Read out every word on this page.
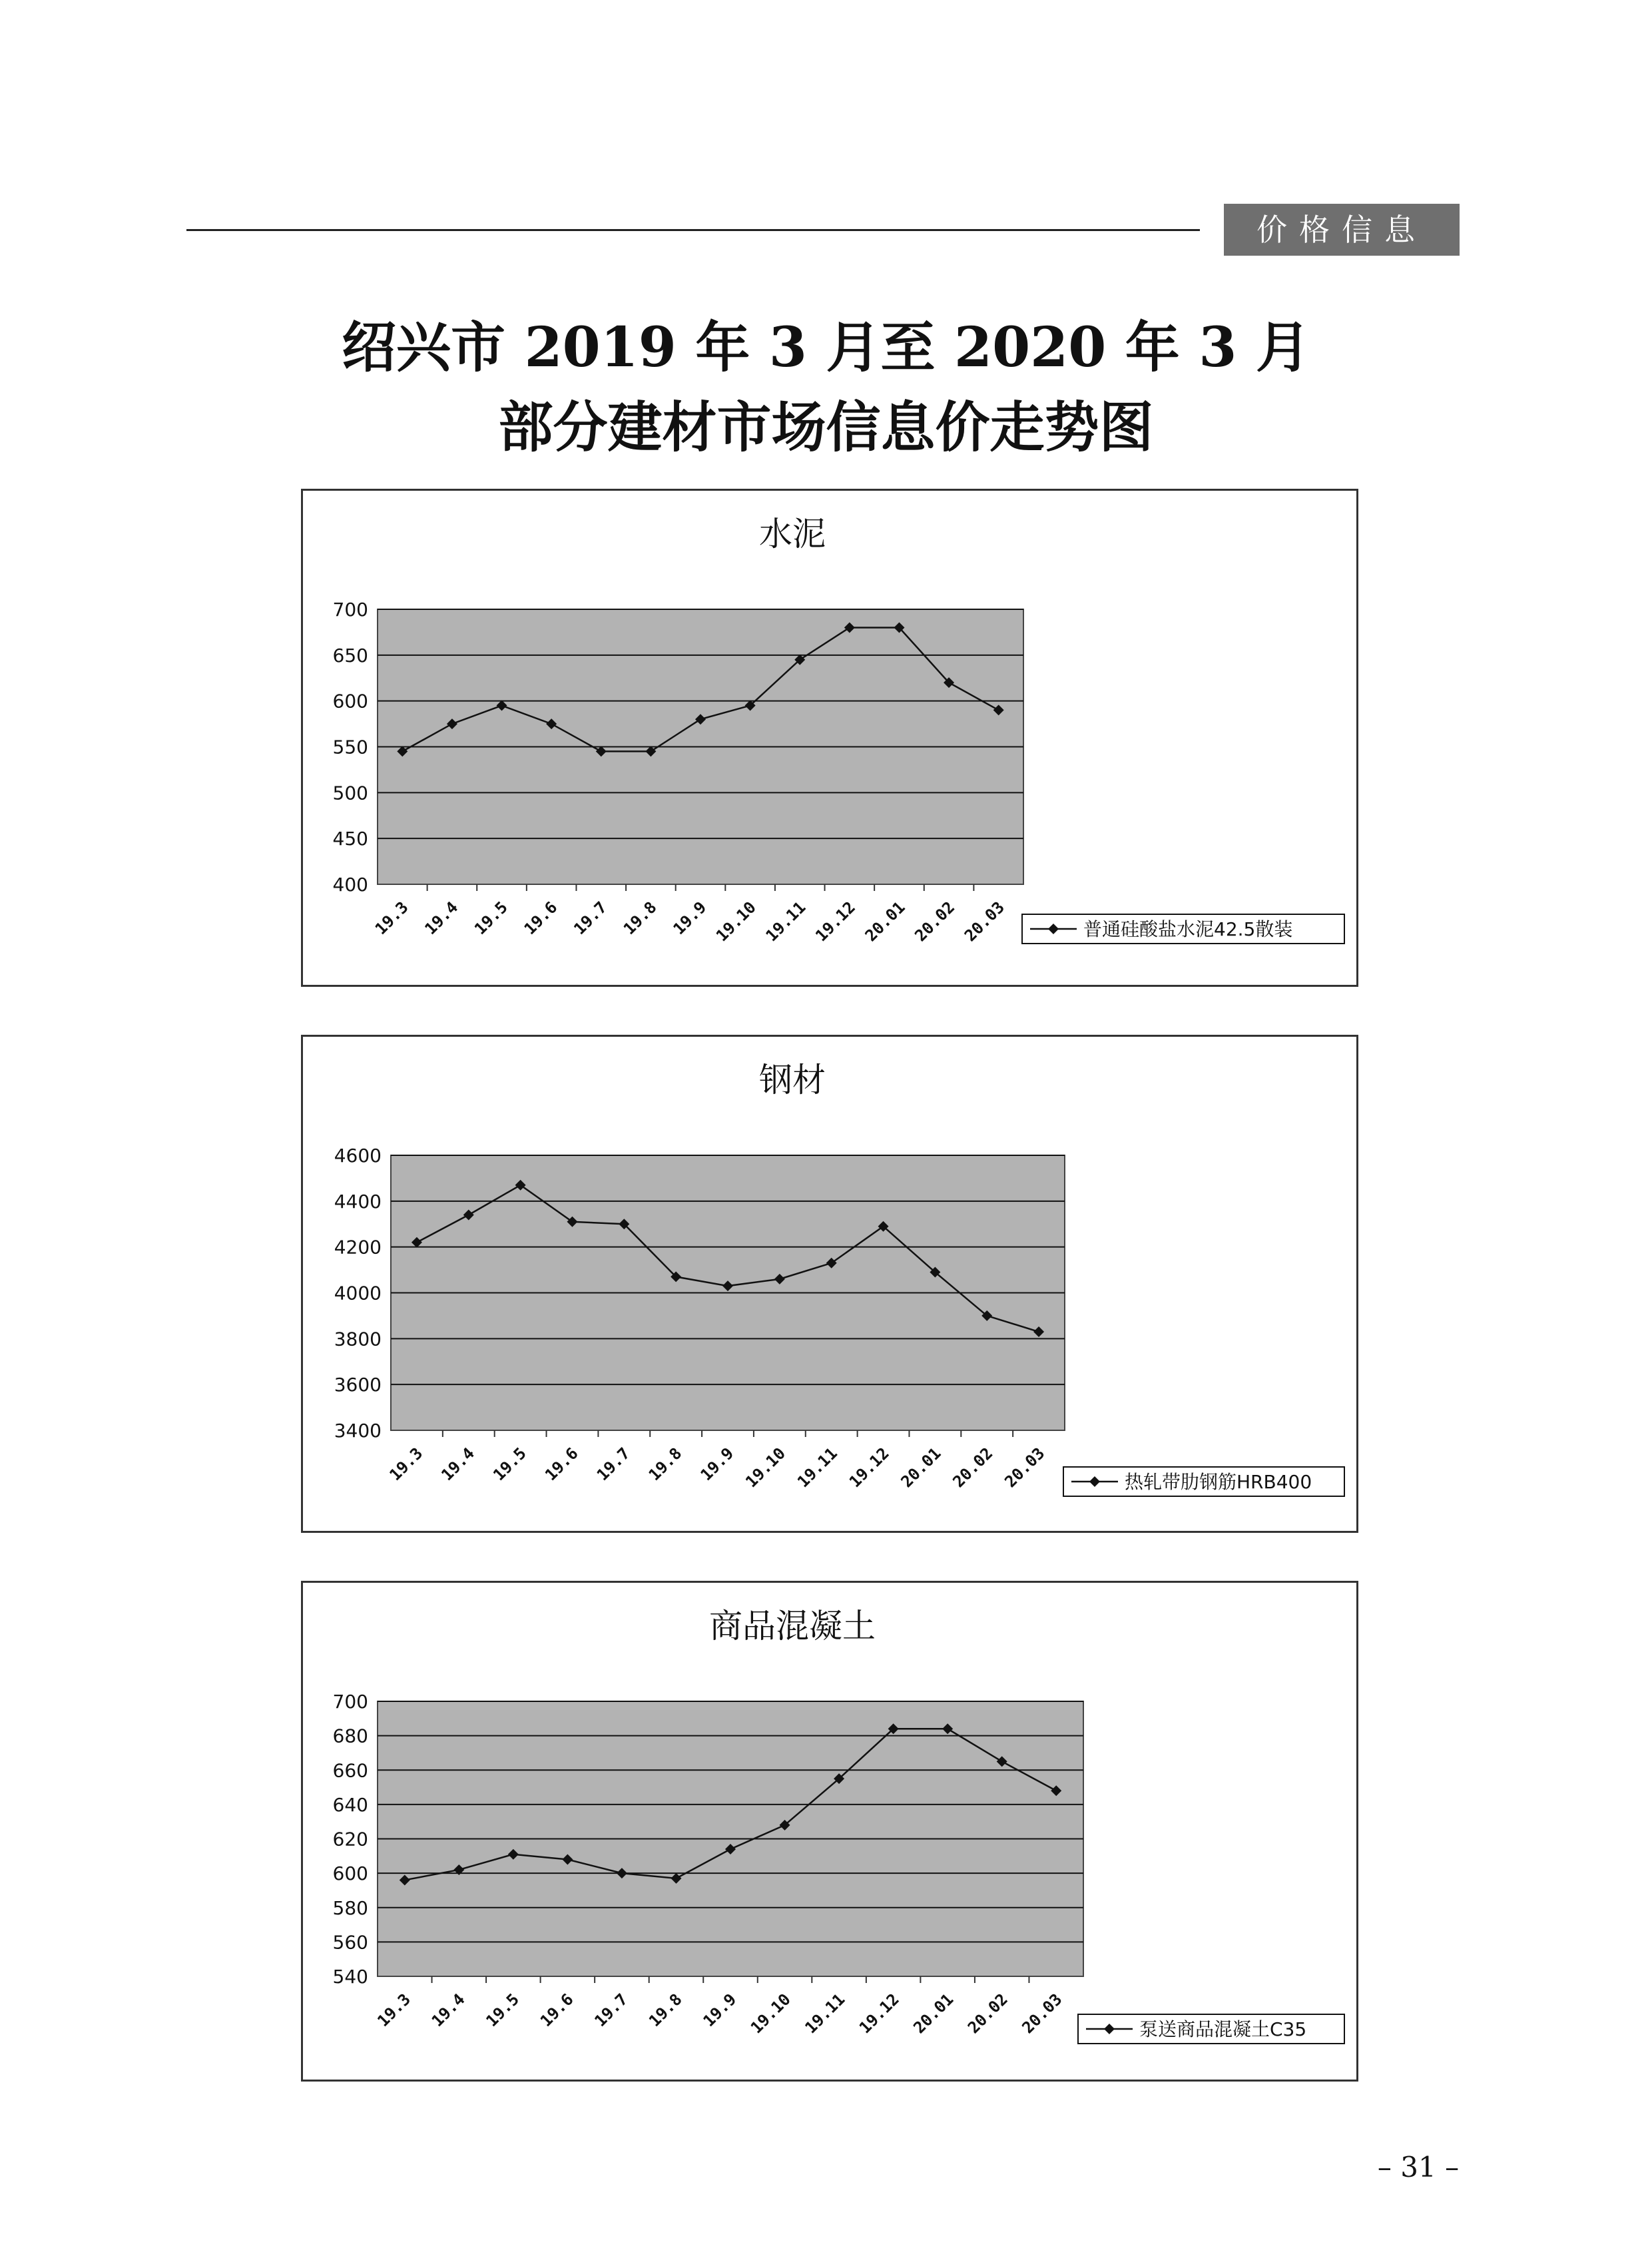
价格信息
绍兴市 2019 年 3 月至 2020 年 3 月
部分建材市场信息价走势图
水泥
700
650
600
550
500
450
400
19.3 19.4 19.5 19.6 19.7 19.8 19.9 19.10 19.11 19.12 20.01 20.02 20.03	普通硅酸盐水泥42.5散装
钢材
4600
4400
4200
4000
3800
3600
3400
19.3 19.4 19.5 19.6 19.7 19.8 19.9 19.10 19.11 19.12 20.01 20.02 20.03	热轧带肋钢筋HRB400
商品混凝土
700
680
660
640
620
600
580
560
540
19.3 19.4 19.5 19.6 19.7 19.8 19.9 19.10 19.11 19.12 20.01 20.02 20.03	泵送商品混凝土C35
– 31 –
